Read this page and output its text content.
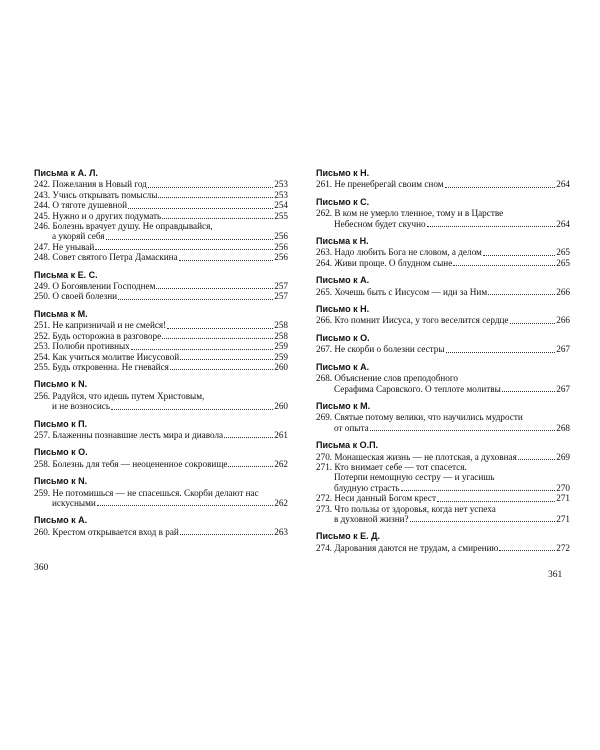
Письма к А. Л.
242. Пожелания в Новый год	253
243. Учись открывать помыслы	253
244. О тяготе душевной	254
245. Нужно и о других подумать	255
246. Болезнь врачует душу. Не оправдывайся,
а укоряй себя	256
247. Не унывай	256
248. Совет святого Петра Дамаскина	256
Письма к Е. С.
249. О Богоявлении Господнем	257
250. О своей болезни	257
Письма к М.
251. Не капризничай и не смейся!	258
252. Будь осторожна в разговоре	258
253. Полюби противных	259
254. Как учиться молитве Иисусовой	259
255. Будь откровенна. Не гневайся	260
Письмо к N.
256. Радуйся, что идешь путем Христовым,
и не возносись	260
Письмо к П.
257. Блаженны познавшие лесть мира и диавола	261
Письмо к О.
258. Болезнь для тебя — неоцененное сокровище	262
Письмо к N.
259. Не потомишься — не спасешься. Скорби делают нас
искусными	262
Письмо к А.
260. Крестом открывается вход в рай	263
Письмо к Н.
261. Не пренебрегай своим сном	264
Письмо к С.
262. В ком не умерло тленное, тому и в Царстве
Небесном будет скучно	264
Письма к Н.
263. Надо любить Бога не словом, а делом	265
264. Живи проще. О блудном сыне	265
Письмо к А.
265. Хочешь быть с Иисусом — иди за Ним	266
Письмо к Н.
266. Кто помнит Иисуса, у того веселится сердце	266
Письмо к О.
267. Не скорби о болезни сестры	267
Письмо к А.
268. Объяснение слов преподобного
Серафима Саровского. О теплоте молитвы	267
Письмо к М.
269. Святые потому велики, что научились мудрости
от опыта	268
Письма к О.П.
270. Монашеская жизнь — не плотская, а духовная	269
271. Кто внимает себе — тот спасется.
Потерпи немощную сестру — и угасишь
блудную страсть	270
272. Неси данный Богом крест	271
273. Что пользы от здоровья, когда нет успеха
в духовной жизни?	271
Письмо к Е. Д.
274. Дарования даются не трудам, а смирению	272
360
361
